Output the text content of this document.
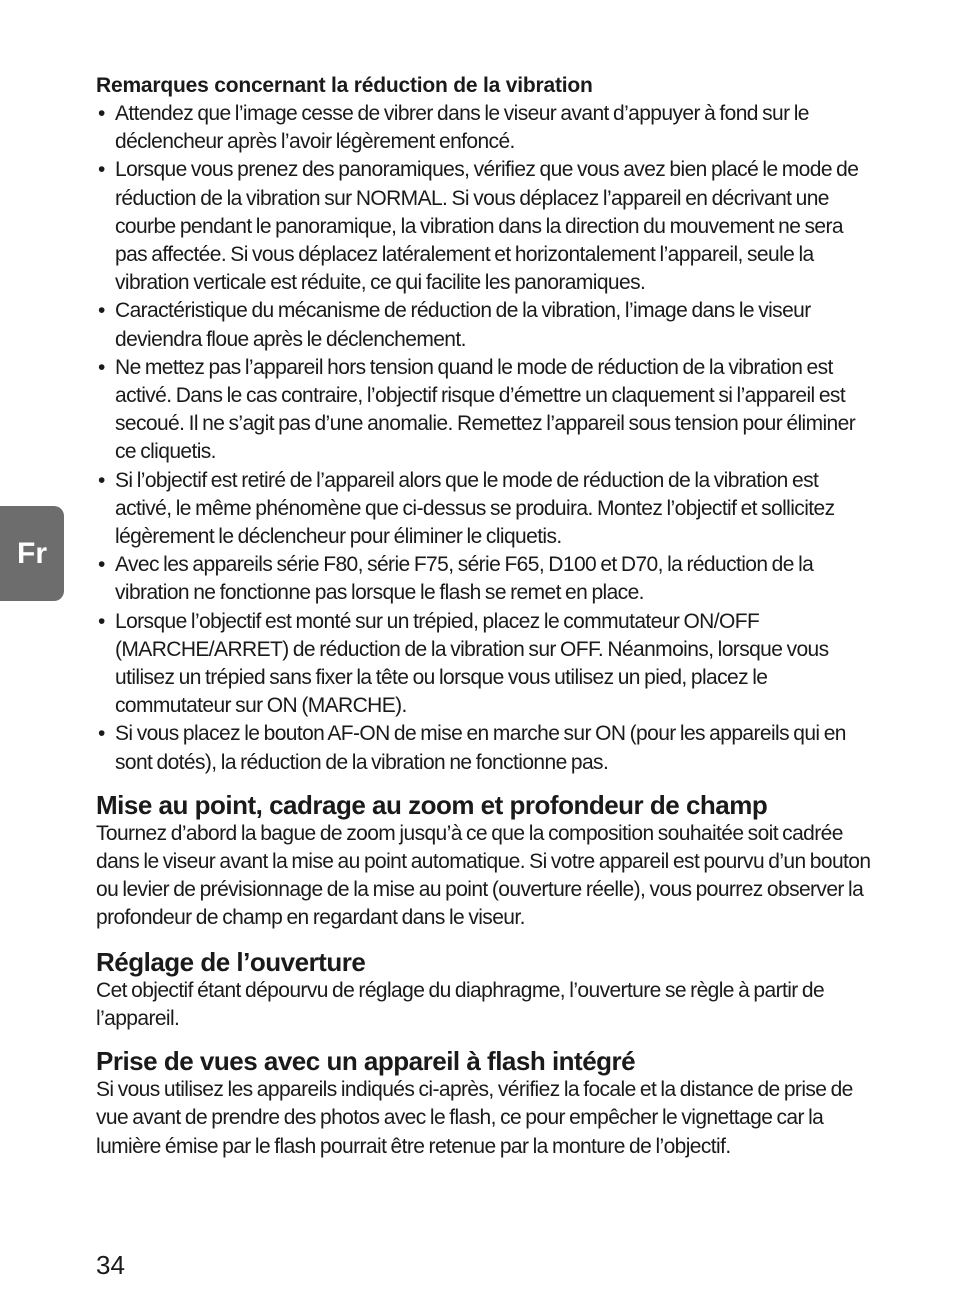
Fr
Remarques concernant la réduction de la vibration
• Attendez que l’image cesse de vibrer dans le viseur avant d’appuyer à fond sur le déclencheur après l’avoir légèrement enfoncé.
• Lorsque vous prenez des panoramiques, vérifiez que vous avez bien placé le mode de réduction de la vibration sur NORMAL. Si vous déplacez l’appareil en décrivant une courbe pendant le panoramique, la vibration dans la direction du mouvement ne sera pas affectée. Si vous déplacez latéralement et horizontalement l’appareil, seule la vibration verticale est réduite, ce qui facilite les panoramiques.
• Caractéristique du mécanisme de réduction de la vibration, l’image dans le viseur deviendra floue après le déclenchement.
• Ne mettez pas l’appareil hors tension quand le mode de réduction de la vibration est activé. Dans le cas contraire, l’objectif risque d’émettre un claquement si l’appareil est secoué. Il ne s’agit pas d’une anomalie. Remettez l’appareil sous tension pour éliminer ce cliquetis.
• Si l’objectif est retiré de l’appareil alors que le mode de réduction de la vibration est activé, le même phénomène que ci-dessus se produira. Montez l’objectif et sollicitez légèrement le déclencheur pour éliminer le cliquetis.
• Avec les appareils série F80, série F75, série F65, D100 et D70, la réduction de la vibration ne fonctionne pas lorsque le flash se remet en place.
• Lorsque l’objectif est monté sur un trépied, placez le commutateur ON/OFF (MARCHE/ARRET) de réduction de la vibration sur OFF. Néanmoins, lorsque vous utilisez un trépied sans fixer la tête ou lorsque vous utilisez un pied, placez le commutateur sur ON (MARCHE).
• Si vous placez le bouton AF-ON de mise en marche sur ON (pour les appareils qui en sont dotés), la réduction de la vibration ne fonctionne pas.
Mise au point, cadrage au zoom et profondeur de champ

Tournez d’abord la bague de zoom jusqu’à ce que la composition souhaitée soit cadrée dans le viseur avant la mise au point automatique. Si votre appareil est pourvu d’un bouton ou levier de prévisionnage de la mise au point (ouverture réelle), vous pourrez observer la profondeur de champ en regardant dans le viseur.

Réglage de l’ouverture

Cet objectif étant dépourvu de réglage du diaphragme, l’ouverture se règle à partir de l’appareil.

Prise de vues avec un appareil à flash intégré

Si vous utilisez les appareils indiqués ci-après, vérifiez la focale et la distance de prise de vue avant de prendre des photos avec le flash, ce pour empêcher le vignettage car la lumière émise par le flash pourrait être retenue par la monture de l’objectif.

34
